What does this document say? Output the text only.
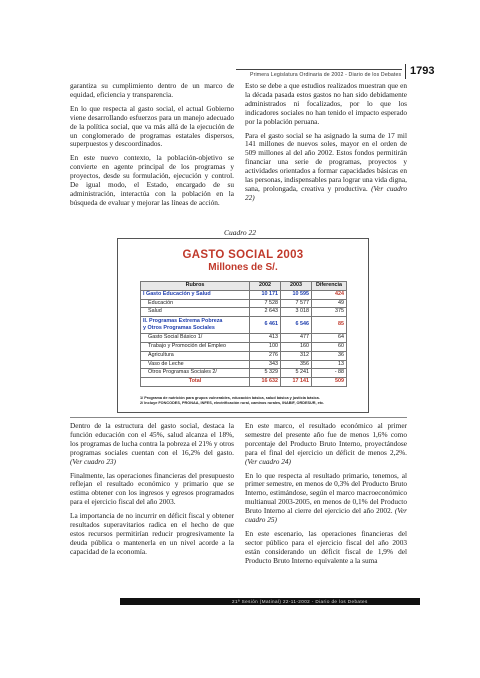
Primera Legislatura Ordinaria de 2002 - Diario de los Debates 1793

garantiza su cumplimiento dentro de un marco de equidad, eficiencia y transparencia.

En lo que respecta al gasto social, el actual Gobierno viene desarrollando esfuerzos para un manejo adecuado de la política social, que va más allá de la ejecución de un conglomerado de programas estatales dispersos, superpuestos y descoordinados.

En este nuevo contexto, la población-objetivo se convierte en agente principal de los programas y proyectos, desde su formulación, ejecución y control. De igual modo, el Estado, encargado de su administración, interactúa con la población en la búsqueda de evaluar y mejorar las líneas de acción.

Esto se debe a que estudios realizados muestran que en la década pasada estos gastos no han sido debidamente administrados ni focalizados, por lo que los indicadores sociales no han tenido el impacto esperado por la población peruana.

Para el gasto social se ha asignado la suma de 17 mil 141 millones de nuevos soles, mayor en el orden de 509 millones al del año 2002. Estos fondos permitirán financiar una serie de programas, proyectos y actividades orientados a formar capacidades básicas en las personas, indispensables para lograr una vida digna, sana, prolongada, creativa y productiva. (Ver cuadro 22)

Cuadro 22
GASTO SOCIAL 2003
Millones de S/.
Rubros	2002	2003	Diferencia
I Gasto Educación y Salud	10 171	10 595	424
Educación	7 528	7 577	49
Salud	2 643	3 018	375
II. Programas Extrema Pobreza
y Otros Programas Sociales	6 461	6 546	85
Gasto Social Básico 1/	413	477	64
Trabajo y Promoción del Empleo	100	160	60
Agricultura	276	312	36
Vaso de Leche	343	356	13
Otros Programas Sociales 2/	5 329	5 241	- 88
Total	16 632	17 141	509
1/ Programa de nutrición para grupos vulnerables, educación básica, salud básica y justicia básica.
2/ Incluye FONCODES, PRONAA, INFES, electrificación rural, caminos rurales, INABIF, ORDESUR, etc.

Dentro de la estructura del gasto social, destaca la función educación con el 45%, salud alcanza el 18%, los programas de lucha contra la pobreza el 21% y otros programas sociales cuentan con el 16,2% del gasto. (Ver cuadro 23)

Finalmente, las operaciones financieras del presupuesto reflejan el resultado económico y primario que se estima obtener con los ingresos y egresos programados para el ejercicio fiscal del año 2003.

La importancia de no incurrir en déficit fiscal y obtener resultados superavitarios radica en el hecho de que estos recursos permitirían reducir progresivamente la deuda pública o mantenerla en un nivel acorde a la capacidad de la economía.

En este marco, el resultado económico al primer semestre del presente año fue de menos 1,6% como porcentaje del Producto Bruto Interno, proyectándose para el final del ejercicio un déficit de menos 2,2%. (Ver cuadro 24)

En lo que respecta al resultado primario, tenemos, al primer semestre, en menos de 0,3% del Producto Bruto Interno, estimándose, según el marco macroeconómico multianual 2003-2005, en menos de 0,1% del Producto Bruto Interno al cierre del ejercicio del año 2002. (Ver cuadro 25)

En este escenario, las operaciones financieras del sector público para el ejercicio fiscal del año 2003 están considerando un déficit fiscal de 1,9% del Producto Bruto Interno equivalente a la suma

21ª Sesión (Matinal) 22-11-2002 - Diario de los Debates
